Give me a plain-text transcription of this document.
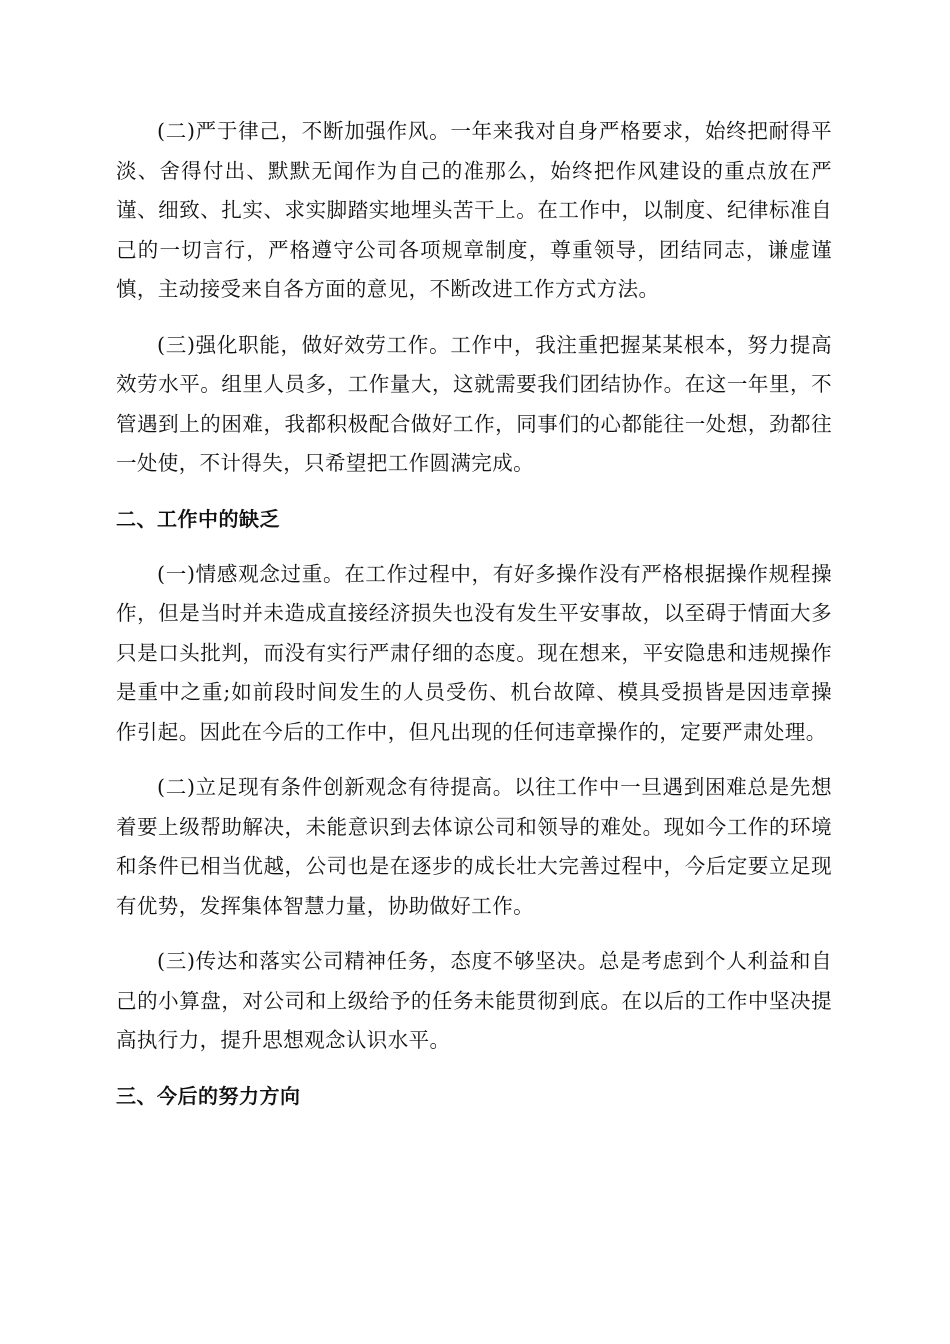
(二)严于律己，不断加强作风。一年来我对自身严格要求，始终把耐得平淡、舍得付出、默默无闻作为自己的准那么，始终把作风建设的重点放在严谨、细致、扎实、求实脚踏实地埋头苦干上。在工作中，以制度、纪律标准自己的一切言行，严格遵守公司各项规章制度，尊重领导，团结同志，谦虚谨慎，主动接受来自各方面的意见，不断改进工作方式方法。

(三)强化职能，做好效劳工作。工作中，我注重把握某某根本，努力提高效劳水平。组里人员多，工作量大，这就需要我们团结协作。在这一年里，不管遇到上的困难，我都积极配合做好工作，同事们的心都能往一处想，劲都往一处使，不计得失，只希望把工作圆满完成。

二、工作中的缺乏

(一)情感观念过重。在工作过程中，有好多操作没有严格根据操作规程操作，但是当时并未造成直接经济损失也没有发生平安事故，以至碍于情面大多只是口头批判，而没有实行严肃仔细的态度。现在想来，平安隐患和违规操作是重中之重;如前段时间发生的人员受伤、机台故障、模具受损皆是因违章操作引起。因此在今后的工作中，但凡出现的任何违章操作的，定要严肃处理。

(二)立足现有条件创新观念有待提高。以往工作中一旦遇到困难总是先想着要上级帮助解决，未能意识到去体谅公司和领导的难处。现如今工作的环境和条件已相当优越，公司也是在逐步的成长壮大完善过程中，今后定要立足现有优势，发挥集体智慧力量，协助做好工作。

(三)传达和落实公司精神任务，态度不够坚决。总是考虑到个人利益和自己的小算盘，对公司和上级给予的任务未能贯彻到底。在以后的工作中坚决提高执行力，提升思想观念认识水平。

三、今后的努力方向
